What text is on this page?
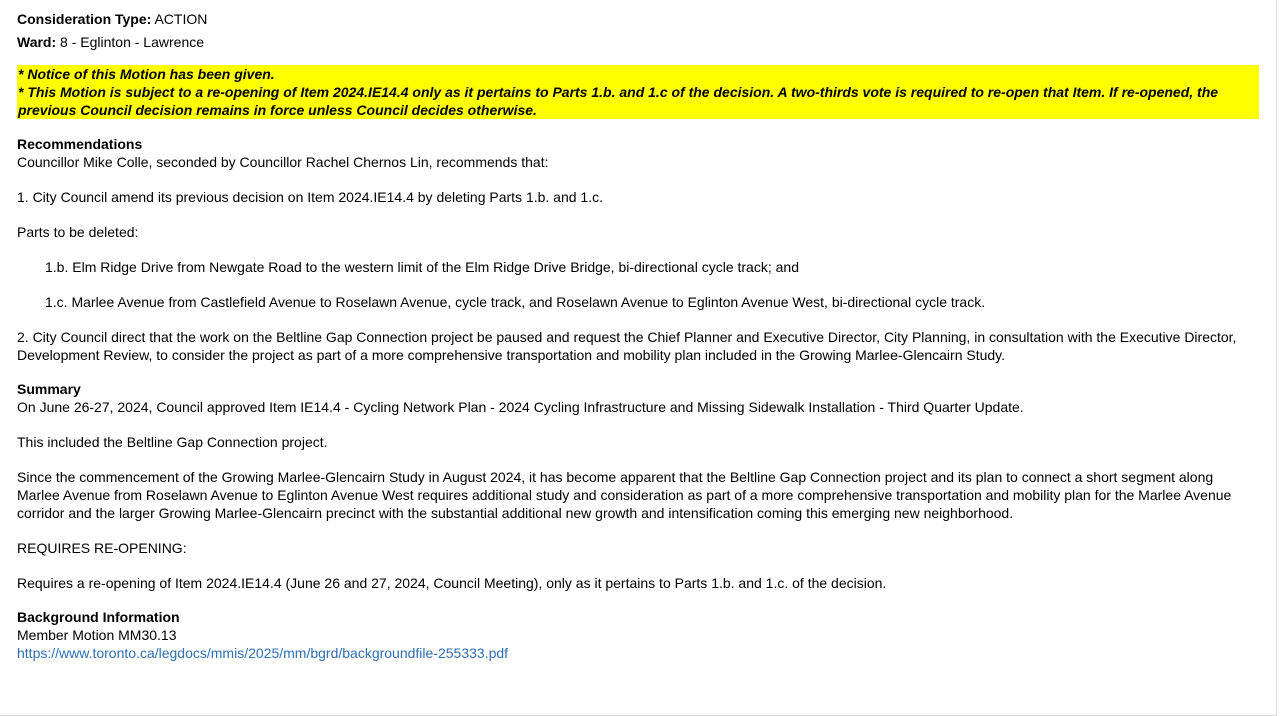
Consideration Type: ACTION
Ward: 8 - Eglinton - Lawrence
* Notice of this Motion has been given.
* This Motion is subject to a re-opening of Item 2024.IE14.4 only as it pertains to Parts 1.b. and 1.c of the decision. A two-thirds vote is required to re-open that Item. If re-opened, the previous Council decision remains in force unless Council decides otherwise.
Recommendations
Councillor Mike Colle, seconded by Councillor Rachel Chernos Lin, recommends that:
1. City Council amend its previous decision on Item 2024.IE14.4 by deleting Parts 1.b. and 1.c.
Parts to be deleted:
1.b. Elm Ridge Drive from Newgate Road to the western limit of the Elm Ridge Drive Bridge, bi-directional cycle track; and
1.c. Marlee Avenue from Castlefield Avenue to Roselawn Avenue, cycle track, and Roselawn Avenue to Eglinton Avenue West, bi-directional cycle track.
2. City Council direct that the work on the Beltline Gap Connection project be paused and request the Chief Planner and Executive Director, City Planning, in consultation with the Executive Director, Development Review, to consider the project as part of a more comprehensive transportation and mobility plan included in the Growing Marlee-Glencairn Study.
Summary
On June 26-27, 2024, Council approved Item IE14.4 - Cycling Network Plan - 2024 Cycling Infrastructure and Missing Sidewalk Installation - Third Quarter Update.
This included the Beltline Gap Connection project.
Since the commencement of the Growing Marlee-Glencairn Study in August 2024, it has become apparent that the Beltline Gap Connection project and its plan to connect a short segment along Marlee Avenue from Roselawn Avenue to Eglinton Avenue West requires additional study and consideration as part of a more comprehensive transportation and mobility plan for the Marlee Avenue corridor and the larger Growing Marlee-Glencairn precinct with the substantial additional new growth and intensification coming this emerging new neighborhood.
REQUIRES RE-OPENING:
Requires a re-opening of Item 2024.IE14.4 (June 26 and 27, 2024, Council Meeting), only as it pertains to Parts 1.b. and 1.c. of the decision.
Background Information
Member Motion MM30.13
https://www.toronto.ca/legdocs/mmis/2025/mm/bgrd/backgroundfile-255333.pdf
